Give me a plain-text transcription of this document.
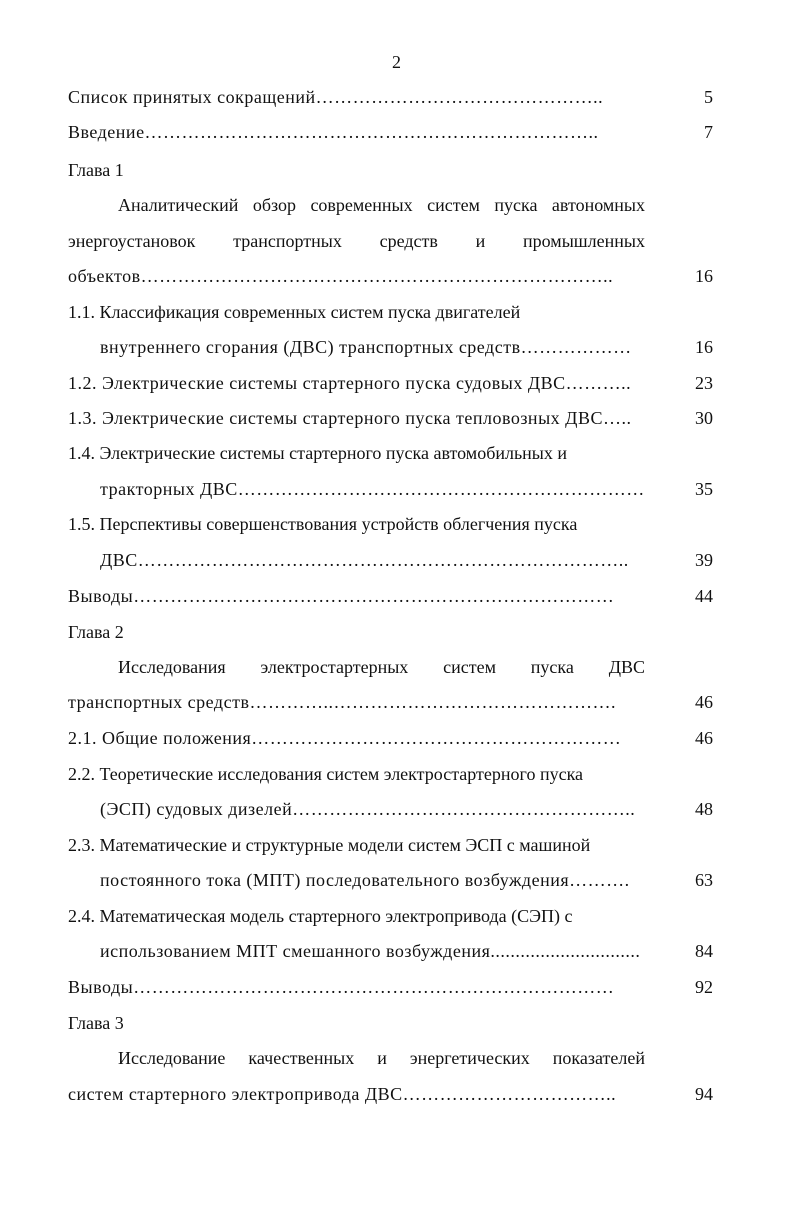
2
Список принятых сокращений………………………………………..	5
Введение………………………………………………………………..	7
Глава 1
Аналитический обзор современных систем пуска автономных
энергоустановок транспортных средств и промышленных
объектов…………………………………………………………………..	16
1.1. Классификация современных систем пуска двигателей
внутреннего сгорания (ДВС) транспортных средств………………	16
1.2. Электрические системы стартерного пуска судовых ДВС………..	23
1.3. Электрические системы стартерного пуска тепловозных ДВС…..	30
1.4. Электрические системы стартерного пуска автомобильных и
тракторных ДВС…………………………………………………………	35
1.5. Перспективы совершенствования устройств облегчения пуска
ДВС……………………………………………………………………..	39
Выводы……………………………………………………………………	44
Глава 2
Исследования электростартерных систем пуска ДВС
транспортных средств…………..……………………………………….	46
2.1. Общие положения……………………………………………………	46
2.2. Теоретические исследования систем электростартерного пуска
(ЭСП) судовых дизелей………………………………………………..	48
2.3. Математические и структурные модели систем ЭСП с машиной
постоянного тока (МПТ) последовательного возбуждения……….	63
2.4. Математическая модель стартерного электропривода (СЭП) с
использованием МПТ смешанного возбуждения..............................	84
Выводы……………………………………………………………………	92
Глава 3
Исследование качественных и энергетических показателей
систем стартерного электропривода ДВС……………………………..	94
